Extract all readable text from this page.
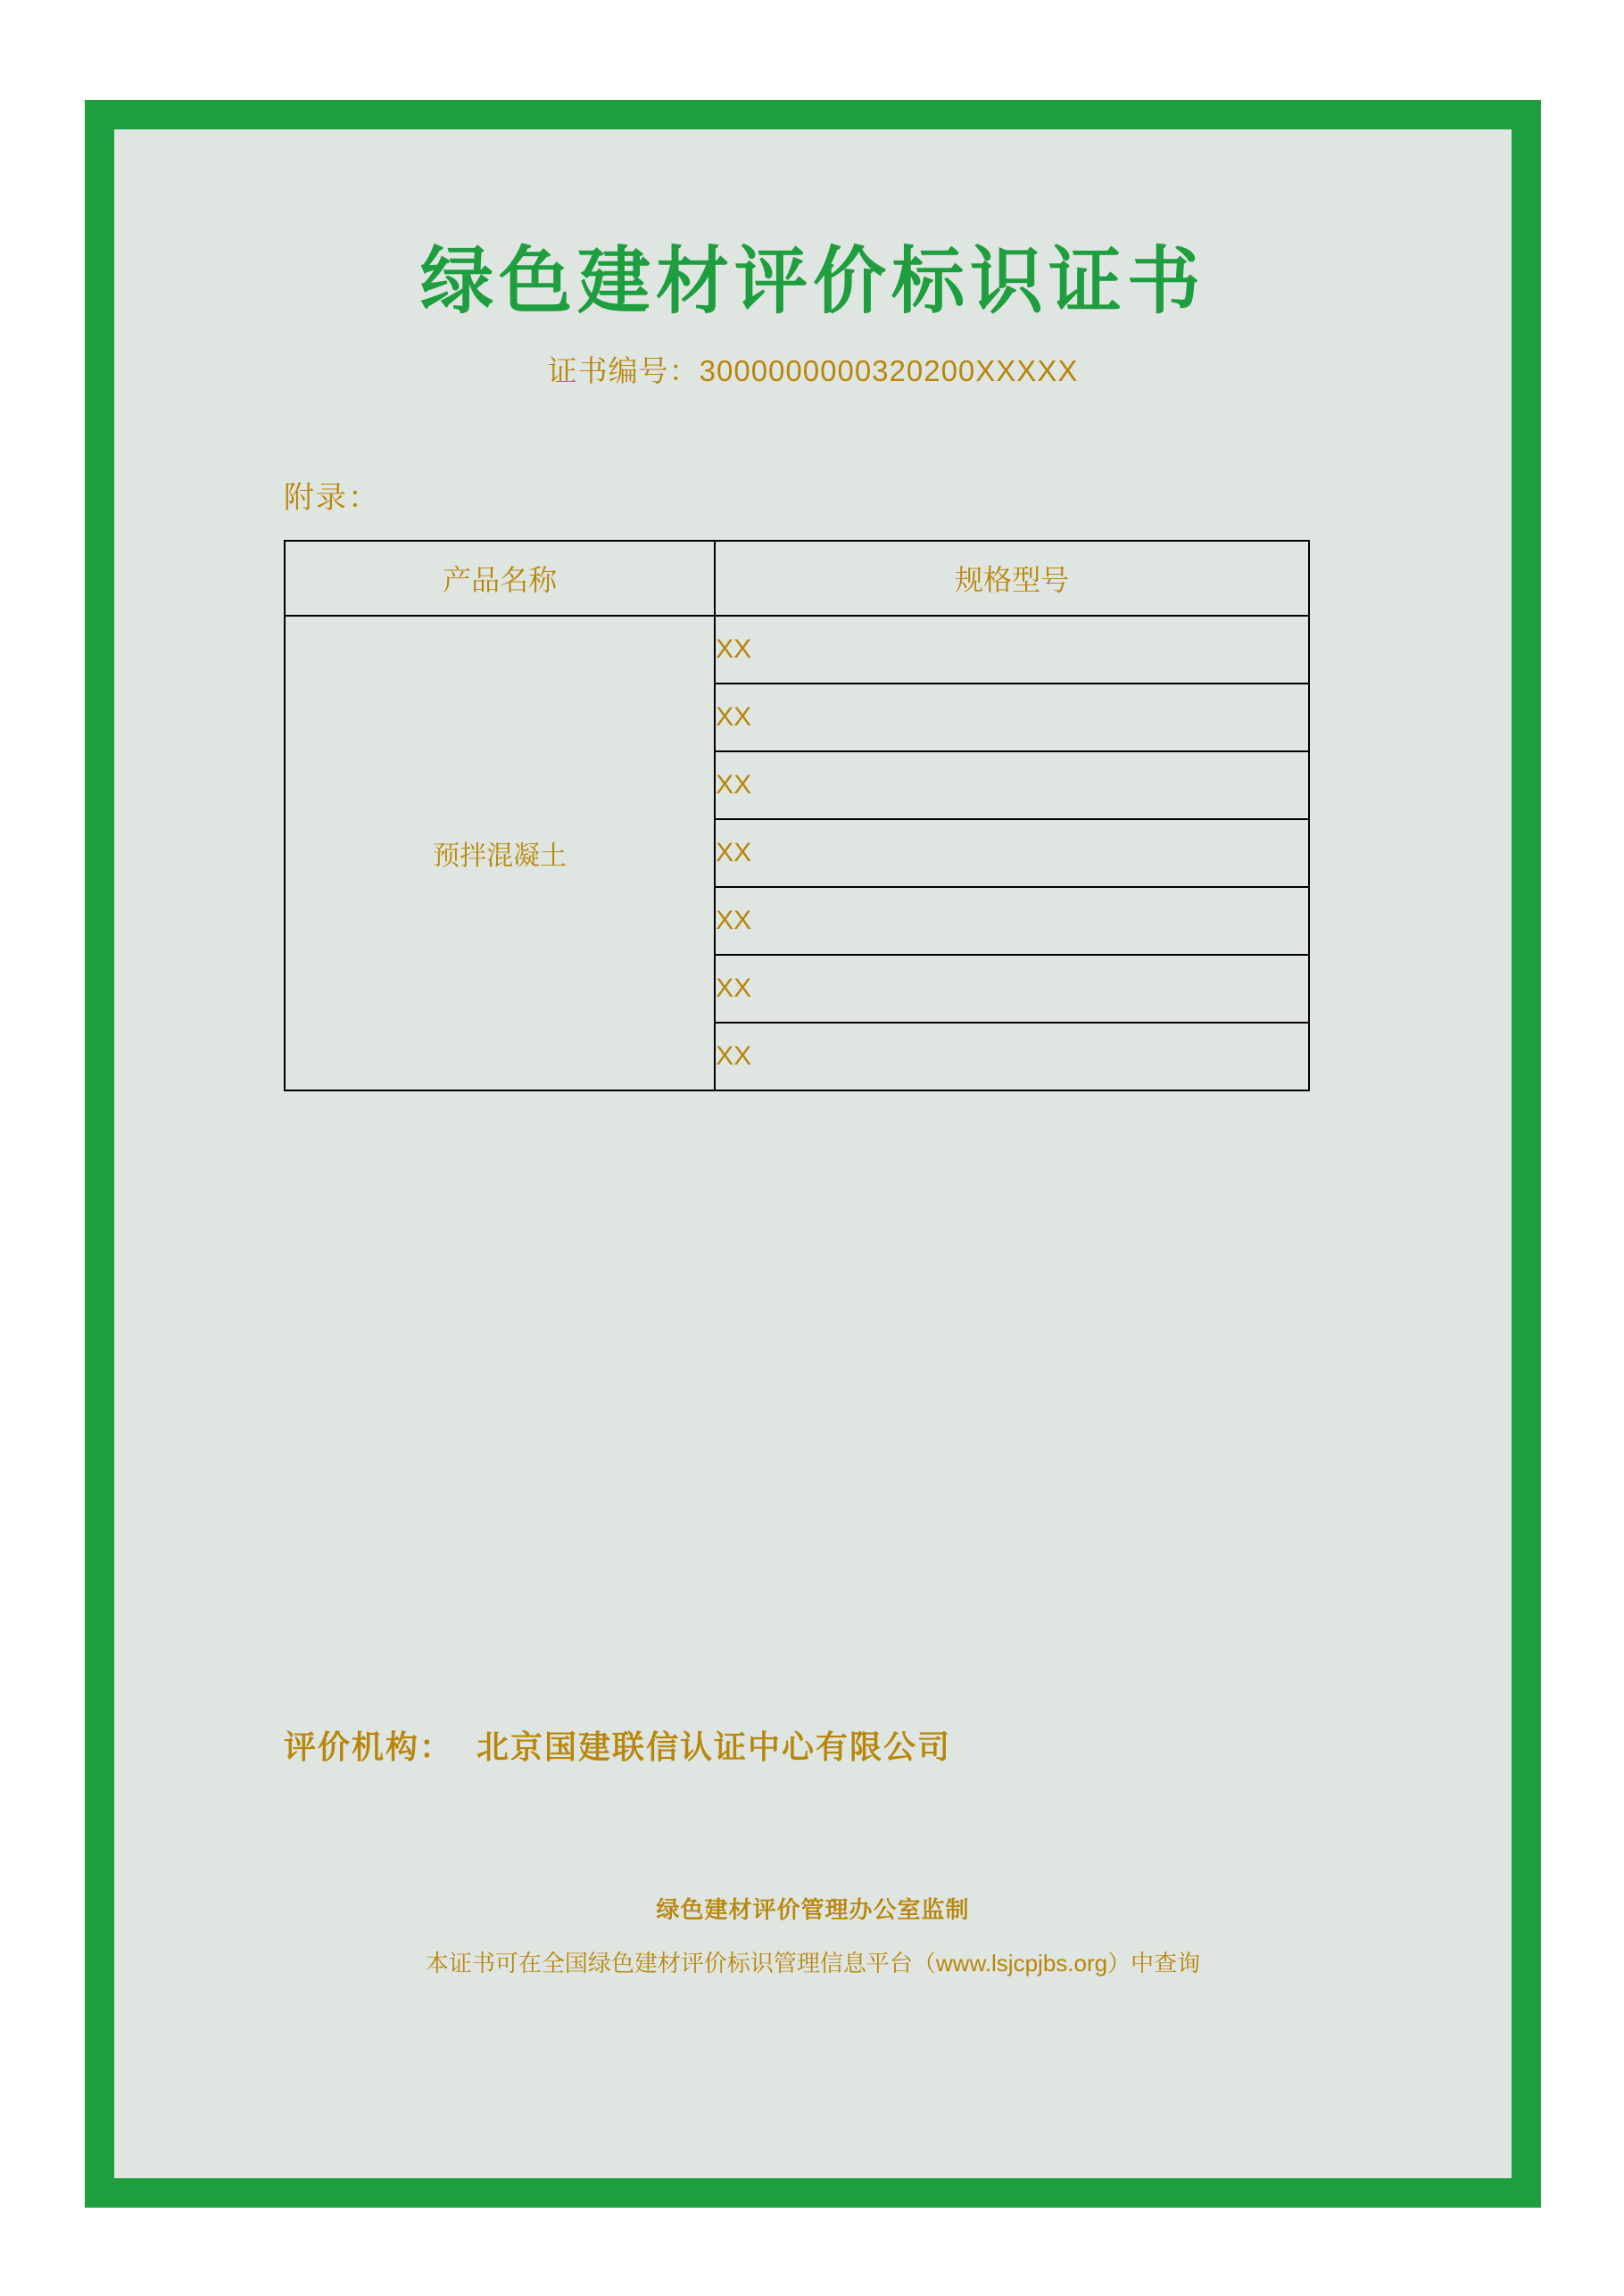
绿色建材评价标识证书
证书编号：3000000000320200XXXXX
附录：
产品名称	规格型号
预拌混凝土	XX
	XX
	XX
	XX
	XX
	XX
	XX
评价机构： 北京国建联信认证中心有限公司
绿色建材评价管理办公室监制
本证书可在全国绿色建材评价标识管理信息平台（www.lsjcpjbs.org）中查询
